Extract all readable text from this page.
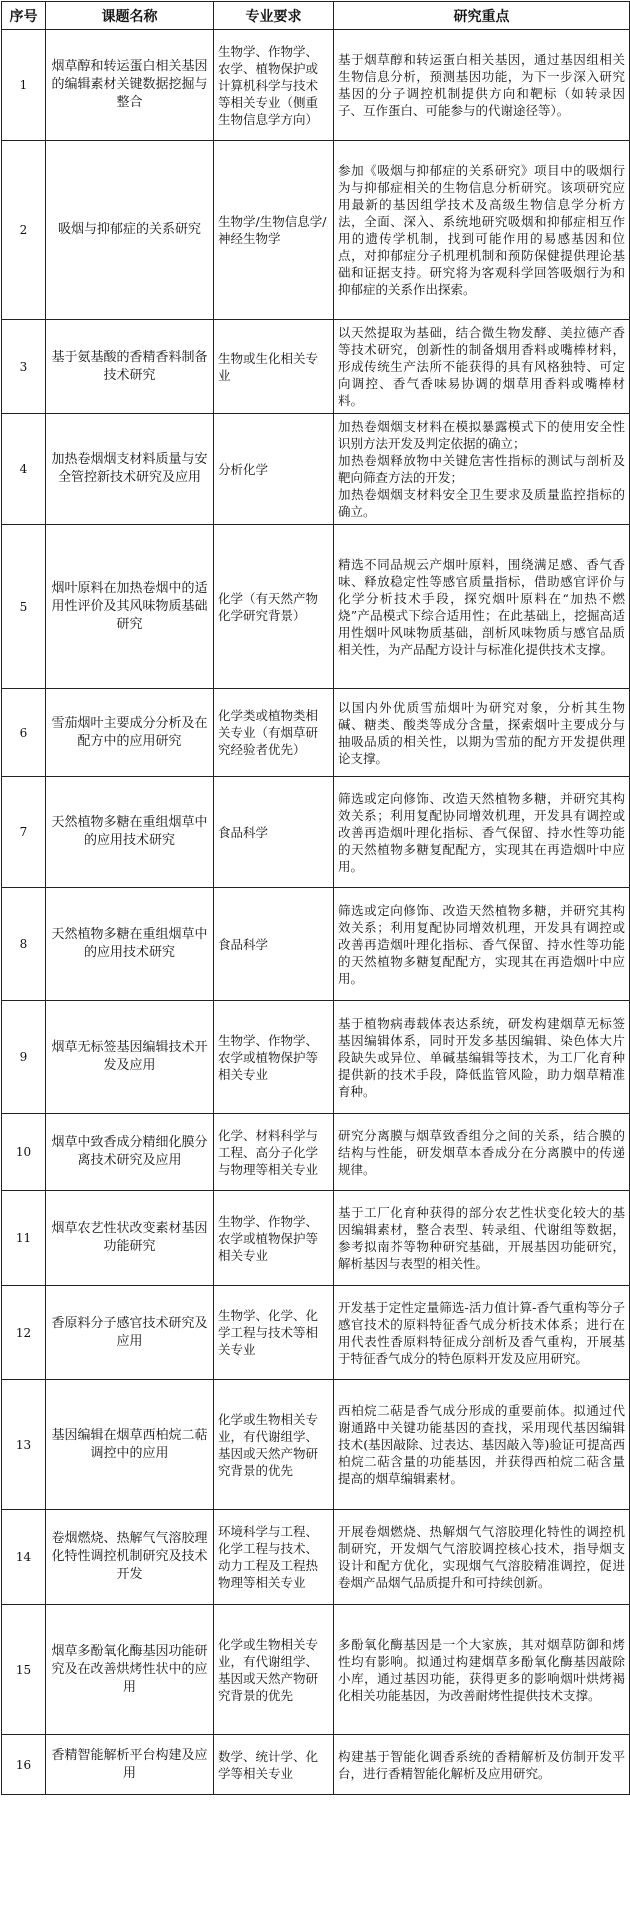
序号	课题名称	专业要求	研究重点
1	烟草醇和转运蛋白相关基因的编辑素材关键数据挖掘与整合	生物学、作物学、农学、植物保护或计算机科学与技术等相关专业（侧重生物信息学方向）	基于烟草醇和转运蛋白相关基因，通过基因组相关生物信息分析，预测基因功能，为下一步深入研究基因的分子调控机制提供方向和靶标（如转录因子、互作蛋白、可能参与的代谢途径等）。
2	吸烟与抑郁症的关系研究	生物学/生物信息学/神经生物学	参加《吸烟与抑郁症的关系研究》项目中的吸烟行为与抑郁症相关的生物信息分析研究。该项研究应用最新的基因组学技术及高级生物信息学分析方法，全面、深入、系统地研究吸烟和抑郁症相互作用的遗传学机制，找到可能作用的易感基因和位点，对抑郁症分子机理机制和预防保健提供理论基础和证据支持。研究将为客观科学回答吸烟行为和抑郁症的关系作出探索。
3	基于氨基酸的香精香料制备技术研究	生物或生化相关专业	以天然提取为基础，结合微生物发酵、美拉德产香等技术研究，创新性的制备烟用香料或嘴棒材料，形成传统生产法所不能获得的具有风格独特、可定向调控、香气香味易协调的烟草用香料或嘴棒材料。
4	加热卷烟烟支材料质量与安全管控新技术研究及应用	分析化学	加热卷烟烟支材料在模拟暴露模式下的使用安全性识别方法开发及判定依据的确立；
加热卷烟释放物中关键危害性指标的测试与剖析及靶向筛查方法的开发；
加热卷烟烟支材料安全卫生要求及质量监控指标的确立。

5	烟叶原料在加热卷烟中的适用性评价及其风味物质基础研究	化学（有天然产物化学研究背景）	精选不同品规云产烟叶原料，围绕满足感、香气香味、释放稳定性等感官质量指标，借助感官评价与化学分析技术手段，探究烟叶原料在“加热不燃烧”产品模式下综合适用性；在此基础上，挖掘高适用性烟叶风味物质基础，剖析风味物质与感官品质相关性，为产品配方设计与标准化提供技术支撑。
6	雪茄烟叶主要成分分析及在配方中的应用研究	化学类或植物类相关专业（有烟草研究经验者优先）	以国内外优质雪茄烟叶为研究对象，分析其生物碱、糖类、酸类等成分含量，探索烟叶主要成分与抽吸品质的相关性，以期为雪茄的配方开发提供理论支撑。
7	天然植物多糖在重组烟草中的应用技术研究	食品科学	筛选或定向修饰、改造天然植物多糖，并研究其构效关系；利用复配协同增效机理，开发具有调控或改善再造烟叶理化指标、香气保留、持水性等功能的天然植物多糖复配配方，实现其在再造烟叶中应用。
8	天然植物多糖在重组烟草中的应用技术研究	食品科学	筛选或定向修饰、改造天然植物多糖，并研究其构效关系；利用复配协同增效机理，开发具有调控或改善再造烟叶理化指标、香气保留、持水性等功能的天然植物多糖复配配方，实现其在再造烟叶中应用。
9	烟草无标签基因编辑技术开发及应用	生物学、作物学、农学或植物保护等相关专业	基于植物病毒载体表达系统，研发构建烟草无标签基因编辑体系，同时开发多基因编辑、染色体大片段缺失或异位、单碱基编辑等技术，为工厂化育种提供新的技术手段，降低监管风险，助力烟草精准育种。
10	烟草中致香成分精细化膜分离技术研究及应用	化学、材料科学与工程、高分子化学与物理等相关专业	研究分离膜与烟草致香组分之间的关系，结合膜的结构与性能，研发烟草本香成分在分离膜中的传递规律。
11	烟草农艺性状改变素材基因功能研究	生物学、作物学、农学或植物保护等相关专业	基于工厂化育种获得的部分农艺性状变化较大的基因编辑素材，整合表型、转录组、代谢组等数据，参考拟南芥等物种研究基础，开展基因功能研究，解析基因与表型的相关性。
12	香原料分子感官技术研究及应用	生物学、化学、化学工程与技术等相关专业	开发基于定性定量筛选-活力值计算-香气重构等分子感官技术的原料特征香气成分析技术体系；进行在用代表性香原料特征成分剖析及香气重构，开展基于特征香气成分的特色原料开发及应用研究。
13	基因编辑在烟草西柏烷二萜调控中的应用	化学或生物相关专业，有代谢组学、基因或天然产物研究背景的优先	西柏烷二萜是香气成分形成的重要前体。拟通过代谢通路中关键功能基因的查找，采用现代基因编辑技术(基因敲除、过表达、基因敲入等)验证可提高西柏烷二萜含量的功能基因，并获得西柏烷二萜含量提高的烟草编辑素材。
14	卷烟燃烧、热解气气溶胶理化特性调控机制研究及技术开发	环境科学与工程、化学工程与技术、动力工程及工程热物理等相关专业	开展卷烟燃烧、热解烟气气溶胶理化特性的调控机制研究，开发烟气气溶胶调控核心技术，指导烟支设计和配方优化，实现烟气气溶胶精准调控，促进卷烟产品烟气品质提升和可持续创新。
15	烟草多酚氧化酶基因功能研究及在改善烘烤性状中的应用	化学或生物相关专业，有代谢组学、基因或天然产物研究背景的优先	多酚氧化酶基因是一个大家族，其对烟草防御和烤性均有影响。拟通过构建烟草多酚氧化酶基因敲除小库，通过基因功能，获得更多的影响烟叶烘烤褐化相关功能基因，为改善耐烤性提供技术支撑。
16	香精智能解析平台构建及应用	数学、统计学、化学等相关专业	构建基于智能化调香系统的香精解析及仿制开发平台，进行香精智能化解析及应用研究。
